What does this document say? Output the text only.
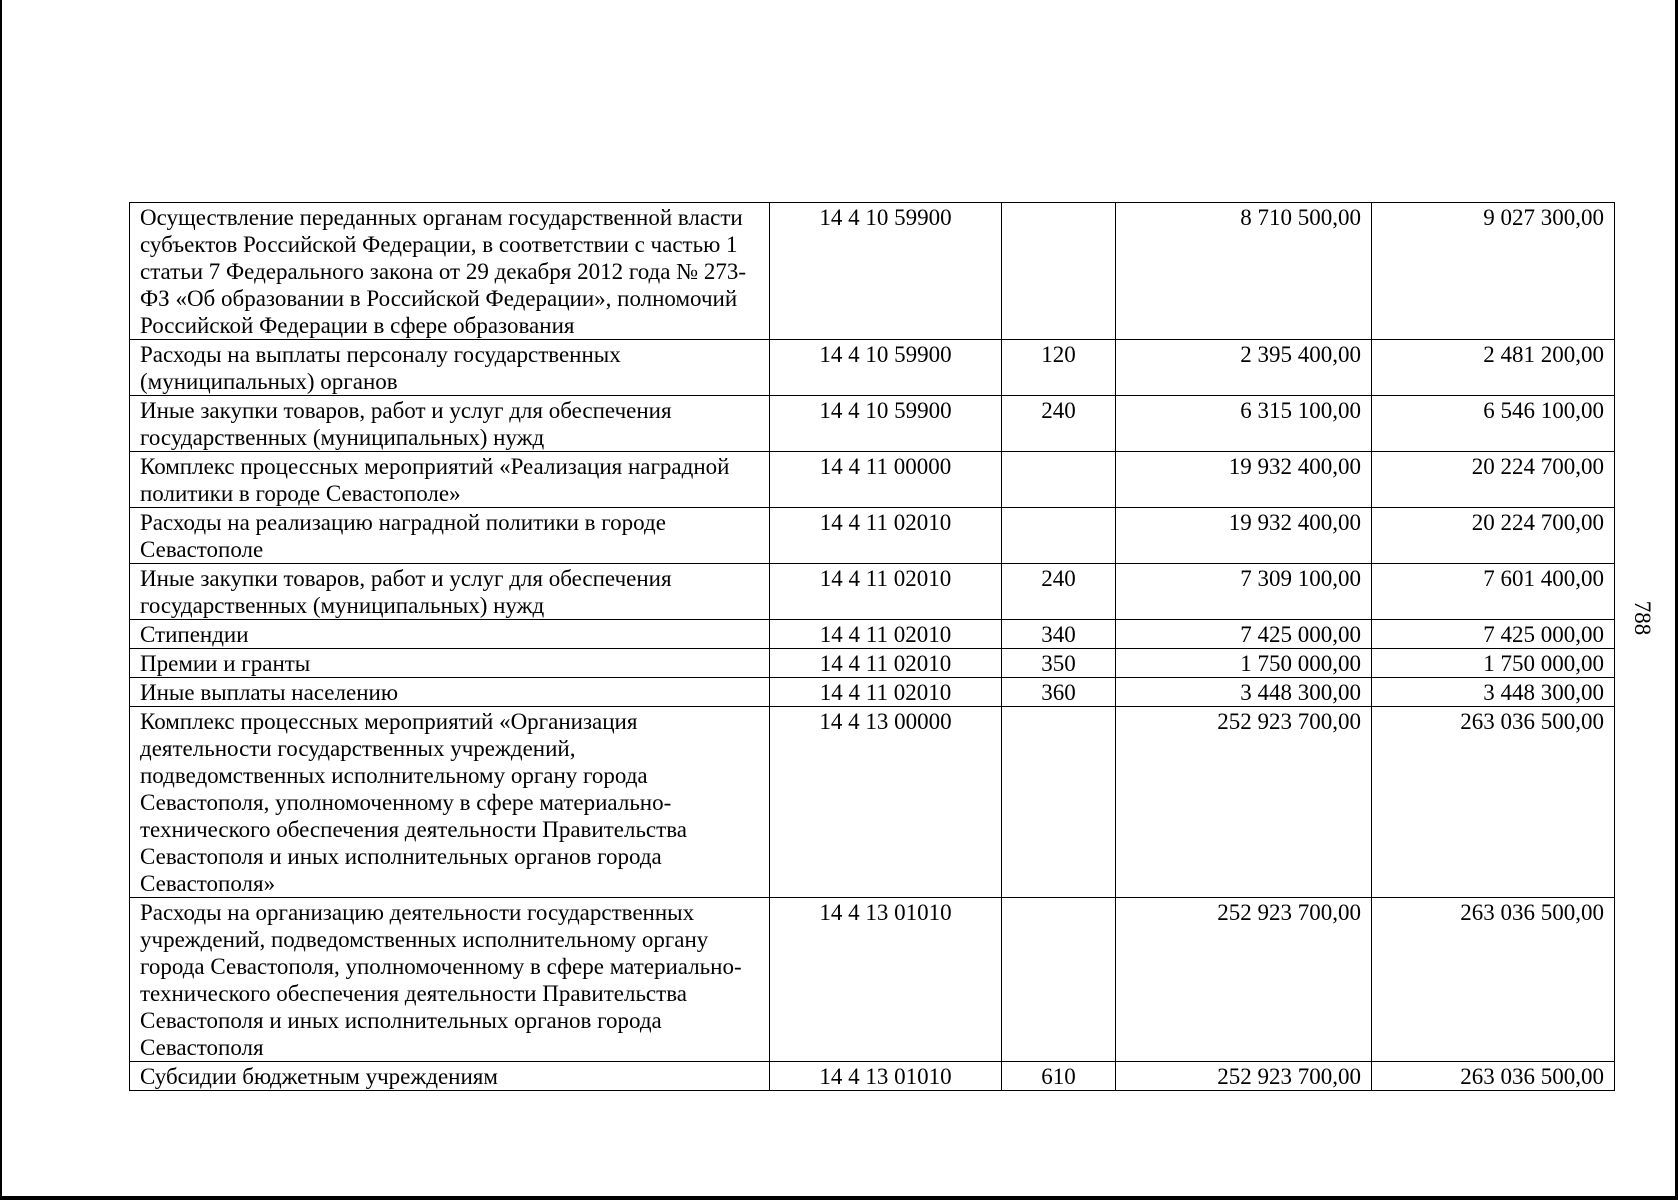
Осуществление переданных органам государственной власти субъектов Российской Федерации, в соответствии с частью 1 статьи 7 Федерального закона от 29 декабря 2012 года № 273-ФЗ «Об образовании в Российской Федерации», полномочий Российской Федерации в сфере образования	14 4 10 59900		8 710 500,00	9 027 300,00
Расходы на выплаты персоналу государственных (муниципальных) органов	14 4 10 59900	120	2 395 400,00	2 481 200,00
Иные закупки товаров, работ и услуг для обеспечения государственных (муниципальных) нужд	14 4 10 59900	240	6 315 100,00	6 546 100,00
Комплекс процессных мероприятий «Реализация наградной политики в городе Севастополе»	14 4 11 00000		19 932 400,00	20 224 700,00
Расходы на реализацию наградной политики в городе Севастополе	14 4 11 02010		19 932 400,00	20 224 700,00
Иные закупки товаров, работ и услуг для обеспечения государственных (муниципальных) нужд	14 4 11 02010	240	7 309 100,00	7 601 400,00
Стипендии	14 4 11 02010	340	7 425 000,00	7 425 000,00
Премии и гранты	14 4 11 02010	350	1 750 000,00	1 750 000,00
Иные выплаты населению	14 4 11 02010	360	3 448 300,00	3 448 300,00
Комплекс процессных мероприятий «Организация деятельности государственных учреждений, подведомственных исполнительному органу города Севастополя, уполномоченному в сфере материально-технического обеспечения деятельности Правительства Севастополя и иных исполнительных органов города Севастополя»	14 4 13 00000		252 923 700,00	263 036 500,00
Расходы на организацию деятельности государственных учреждений, подведомственных исполнительному органу города Севастополя, уполномоченному в сфере материально-технического обеспечения деятельности Правительства Севастополя и иных исполнительных органов города Севастополя	14 4 13 01010		252 923 700,00	263 036 500,00
Субсидии бюджетным учреждениям	14 4 13 01010	610	252 923 700,00	263 036 500,00
788
